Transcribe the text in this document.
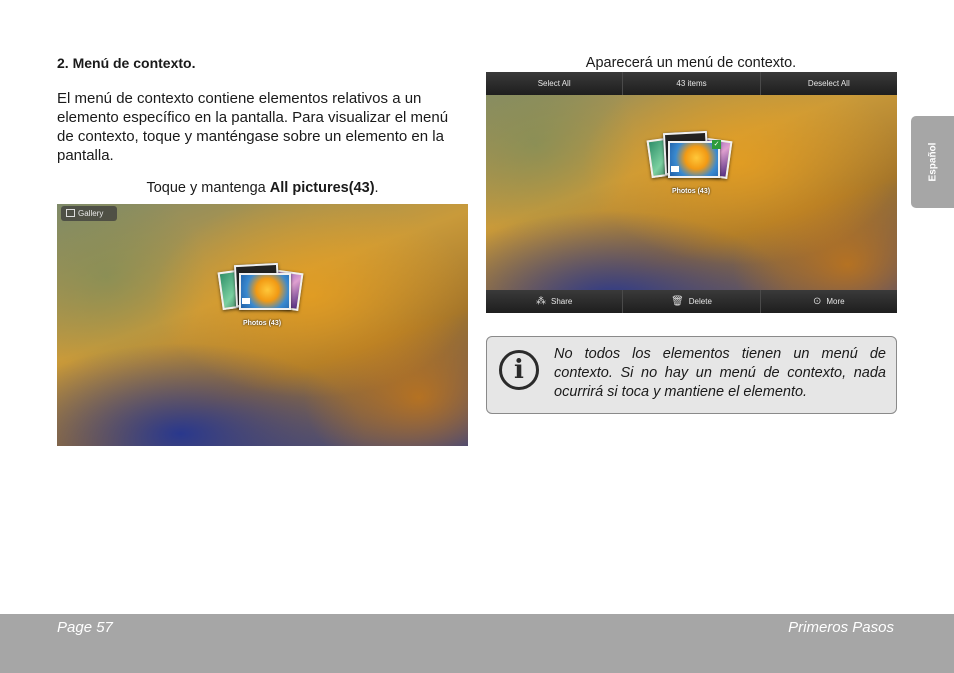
2. Menú de contexto.
El menú de contexto contiene elementos relativos a un elemento específico en la pantalla. Para visualizar el menú de contexto, toque y manténgase sobre un elemento en la pantalla.
Toque y mantenga All pictures(43).
Aparecerá un menú de contexto.
Gallery
Photos (43)
Select All	43 items	Deselect All
✓
Photos (43)
⁂ Share	🗑 Delete	⊙ More
i
No todos los elementos tienen un menú de contexto. Si no hay un menú de contexto, nada ocurrirá si toca y mantiene el elemento.
Español
Page 57	Primeros Pasos
